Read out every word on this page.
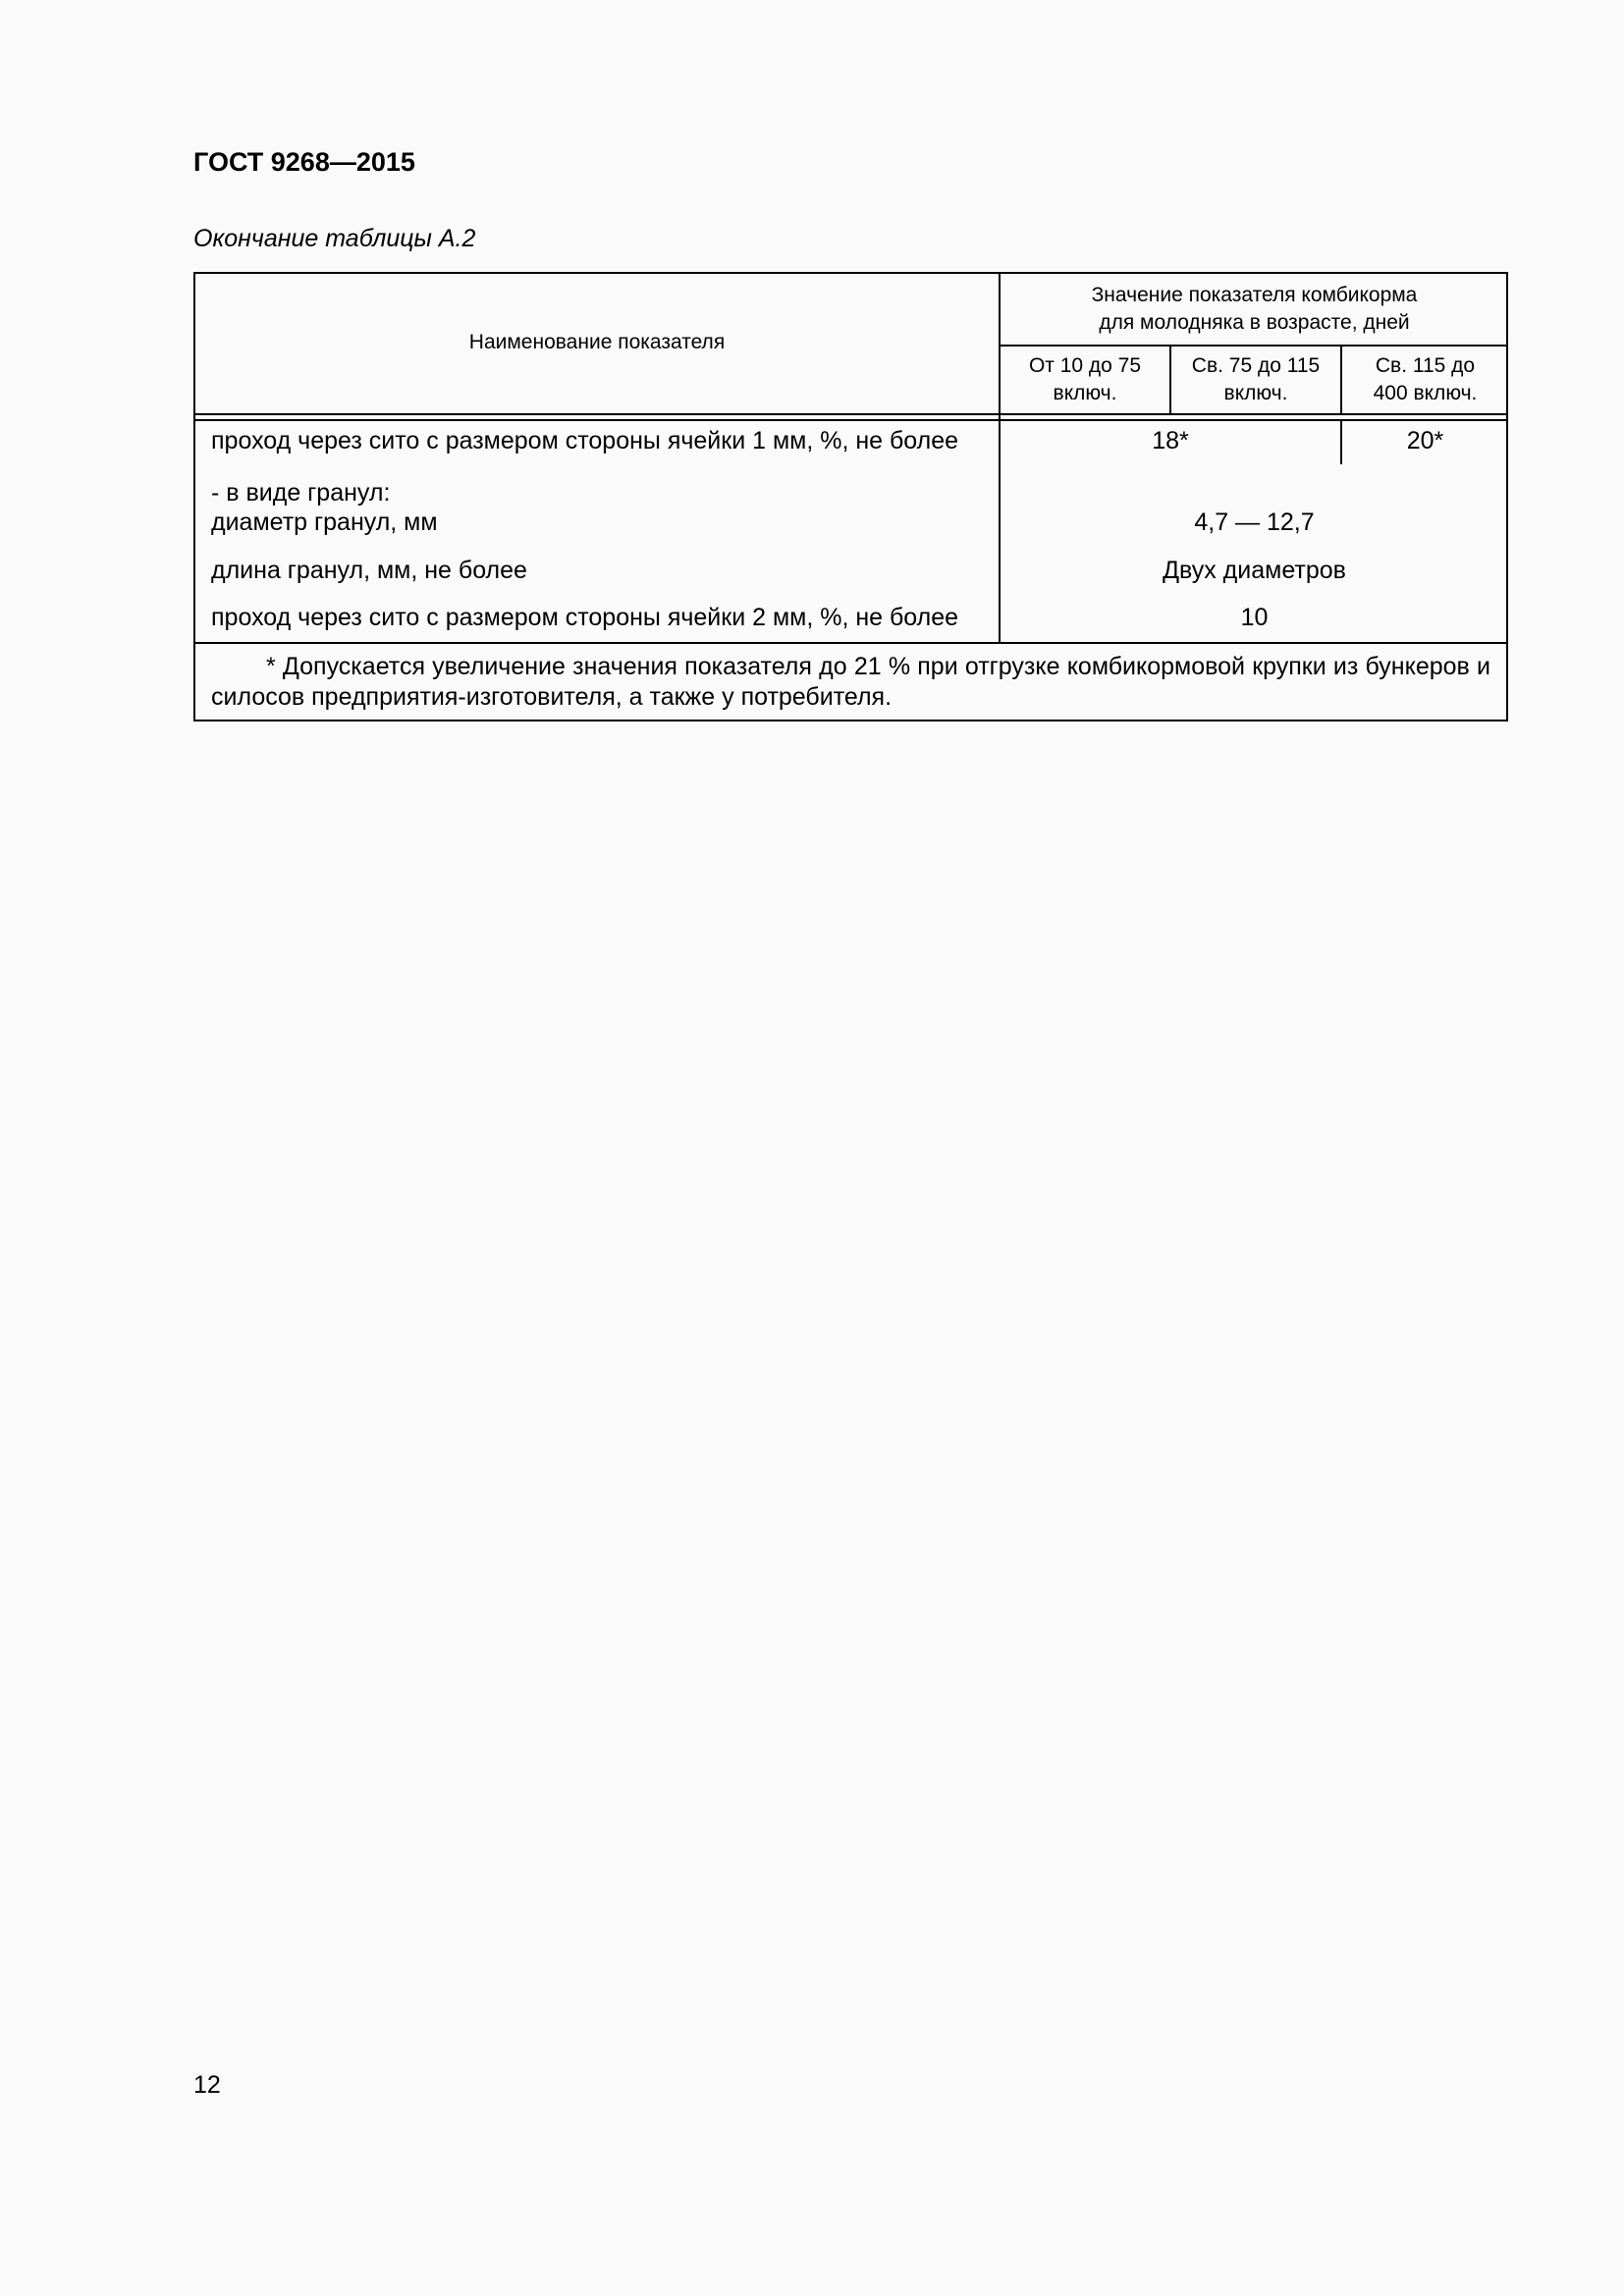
ГОСТ 9268—2015
Окончание таблицы А.2
Наименование показателя
Значение показателя комбикорма
для молодняка в возрасте, дней
От 10 до 75
включ.
Св. 75 до 115
включ.
Св. 115 до
400 включ.
проход через сито с размером стороны ячейки 1 мм, %, не более
- в виде гранул:
диаметр гранул, мм
длина гранул, мм, не более
проход через сито с размером стороны ячейки 2 мм, %, не более
18*	20*
4,7 — 12,7
Двух диаметров
10
* Допускается увеличение значения показателя до 21 % при отгрузке комбикормовой крупки из бункеров и силосов предприятия-изготовителя, а также у потребителя.
12
